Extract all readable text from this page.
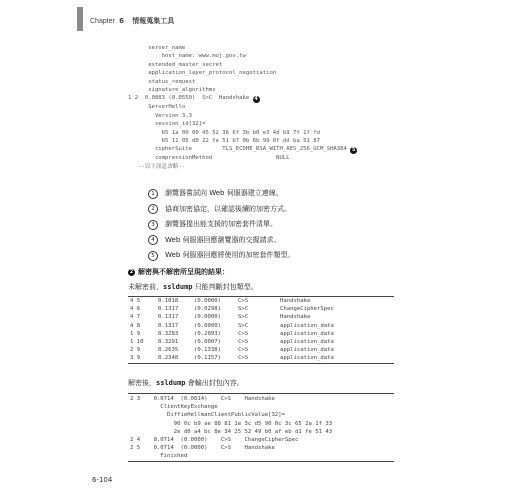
Chapter 6 情報蒐集工具
server_name
host_name: www.moj.gov.tw
extended_master_secret
application_layer_protocol_negotiation
status_request
signature_algorithms
1 2  0.0883 (0.0550)  S>C  Handshake 4
ServerHello
Version 3.3
session_id[32]=
b5 1a 00 00 45 52 36 6f 3b b0 e3 4d b9 7f 1f fd
b5 11 05 d0 22 fe 51 b7 0b 6b 99 0f dd ba 51 87
cipherSuite         TLS_ECDHE_RSA_WITH_AES_256_GCM_SHA384 5
compressionMethod                   NULL
--以下訊息省略--
1	瀏覽器嘗試向 Web 伺服器建立連線。
2	協商加密協定，以確認後續的加密方式。
3	瀏覽器提出能支援的加密套件清單。
4	Web 伺服器回應瀏覽器的交握請求。
5	Web 伺服器回應將使用的加密套件類型。
2 解密與不解密所呈現的結果：
未解密前，ssldump 只能判斷封包類型。
4 5	0.1018	(0.0000)	C>S	Handshake
4 6	0.1317	(0.0298)	S>C	ChangeCipherSpec
4 7	0.1317	(0.0000)	S>C	Handshake
4 8	0.1317	(0.0000)	S>C	application_data
1 9	0.3283	(0.2093)	C>S	application_data
1 10	0.3291	(0.0007)	C>S	application_data
2 9	0.2635	(0.1338)	C>S	application_data
3 9	0.2348	(0.1157)	C>S	application_data
解密後，ssldump 會輸出封包內容。
2 3    0.0714  (0.0014)    C>S    Handshake
ClientKeyExchange
DiffieHellmanClientPublicValue[32]=
90 0c b9 ae 88 81 1e 3c d5 90 0c 3c 65 2a 1f 33
2e d0 a4 bc 8e 34 25 52 49 b0 af eb d1 fe 51 43
2 4    0.0714  (0.0000)    C>S    ChangeCipherSpec
2 5    0.0714  (0.0000)    C>S    Handshake
Finished
6-104
